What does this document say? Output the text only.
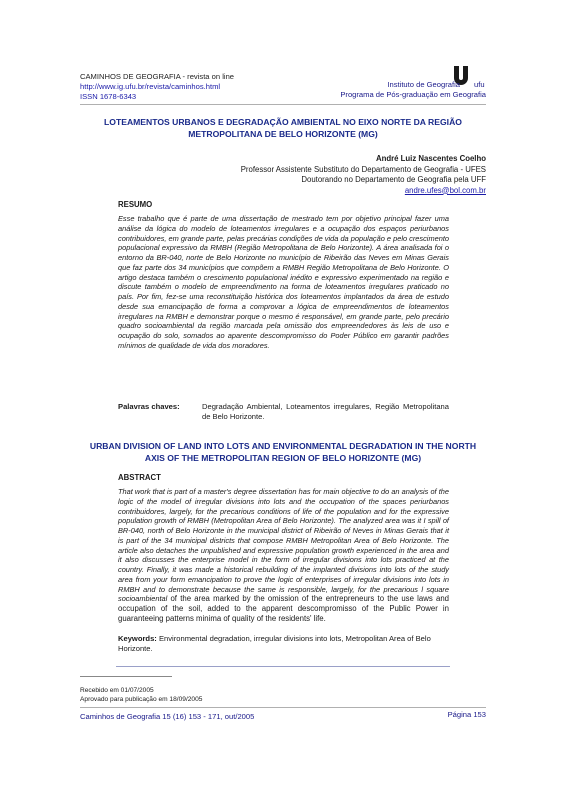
CAMINHOS DE GEOGRAFIA - revista on line
http://www.ig.ufu.br/revista/caminhos.html
ISSN 1678-6343
ufu
Instituto de Geografia
Programa de Pós-graduação em Geografia
LOTEAMENTOS URBANOS E DEGRADAÇÃO AMBIENTAL NO EIXO NORTE DA REGIÃO METROPOLITANA DE BELO HORIZONTE (MG)
André Luiz Nascentes Coelho
Professor Assistente Substituto do Departamento de Geografia - UFES
Doutorando no Departamento de Geografia pela UFF
andre.ufes@bol.com.br
RESUMO
Esse trabalho que é parte de uma dissertação de mestrado tem por objetivo principal fazer uma análise da lógica do modelo de loteamentos irregulares e a ocupação dos espaços periurbanos contribuidores, em grande parte, pelas precárias condições de vida da população e pelo crescimento populacional expressivo da RMBH (Região Metropolitana de Belo Horizonte). A área analisada foi o entorno da BR-040, norte de Belo Horizonte no município de Ribeirão das Neves em Minas Gerais que faz parte dos 34 municípios que compõem a RMBH Região Metropolitana de Belo Horizonte. O artigo destaca também o crescimento populacional inédito e expressivo experimentado na região e discute também o modelo de empreendimento na forma de loteamentos irregulares praticado no país. Por fim, fez-se uma reconstituição histórica dos loteamentos implantados da área de estudo desde sua emancipação de forma a comprovar a lógica de empreendimentos de loteamentos irregulares na RMBH e demonstrar porque o mesmo é responsável, em grande parte, pelo precário quadro socioambiental da região marcada pela omissão dos empreendedores às leis de uso e ocupação do solo, somados ao aparente descompromisso do Poder Público em garantir padrões mínimos de qualidade de vida dos moradores.
Palavras chaves:	Degradação Ambiental, Loteamentos irregulares, Região Metropolitana de Belo Horizonte.
URBAN DIVISION OF LAND INTO LOTS AND ENVIRONMENTAL DEGRADATION IN THE NORTH AXIS OF THE METROPOLITAN REGION OF BELO HORIZONTE (MG)
ABSTRACT
That work that is part of a master's degree dissertation has for main objective to do an analysis of the logic of the model of irregular divisions into lots and the occupation of the spaces periurbanos contribuidores, largely, for the precarious conditions of life of the population and for the expressive population growth of RMBH (Metropolitan Area of Belo Horizonte). The analyzed area was it I spill of BR-040, north of Belo Horizonte in the municipal district of Ribeirão of Neves in Minas Gerais that it is part of the 34 municipal districts that compose RMBH Metropolitan Area of Belo Horizonte. The article also detaches the unpublished and expressive population growth experienced in the area and it also discusses the enterprise model in the form of irregular divisions into lots practiced at the country. Finally, it was made a historical rebuilding of the implanted divisions into lots of the study area from your form emancipation to prove the logic of enterprises of irregular divisions into lots in RMBH and to demonstrate because the same is responsible, largely, for the precarious l square socioambiental of the area marked by the omission of the entrepreneurs to the use laws and occupation of the soil, added to the apparent descompromisso of the Public Power in guaranteeing patterns minima of quality of the residents' life.
Keywords: Environmental degradation, irregular divisions into lots, Metropolitan Area of Belo Horizonte.
Recebido em 01/07/2005
Aprovado para publicação em 18/09/2005
Caminhos de Geografia 15 (16) 153 - 171, out/2005	Página 153
